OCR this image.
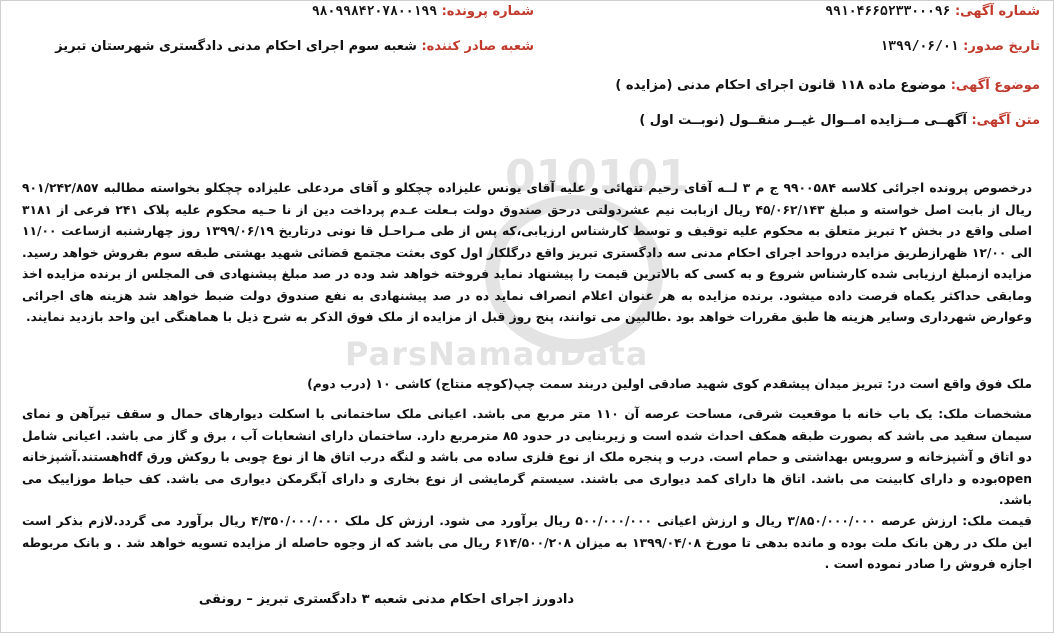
010101
ParsNamadData
شماره آگهی: ۹۹۱۰۴۶۶۵۲۳۳۰۰۰۹۶
شماره پرونده: ۹۸۰۹۹۸۴۲۰۷۸۰۰۱۹۹
تاریخ صدور: ۱۳۹۹/۰۶/۰۱
شعبه صادر کننده: شعبه سوم اجرای احکام مدنی دادگستری شهرستان تبریز
موضوع آگهی: موضوع ماده ۱۱۸ قانون اجرای احکام مدنی (مزایده )
متن آگهی: آگهــی مــزایده امــوال غیــر منقــول (نوبــت اول )
درخصوص پرونده اجرائی کلاسه ۹۹۰۰۵۸۴ ج م ۳ لــه آقای رحیم تنهائی و علیه آقای یونس علیزاده چچکلو و آقای مردعلی علیزاده چچکلو بخواسته مطالبه ۹۰۱/۲۴۲/۸۵۷ ریال از بابت اصل خواسته و مبلغ ۴۵/۰۶۲/۱۴۳ ریال ازبابت نیم عشردولتی درحق صندوق دولت بـعلت عـدم پرداخت دین از نا حـیه محکوم علیه پلاک ۲۴۱ فرعی از ۳۱۸۱ اصلی واقع در بخش ۲ تبریز متعلق به محکوم علیه توقیف و توسط کارشناس ارزیابی،که پس از طی مـراحـل قا نونی درتاریخ ۱۳۹۹/۰۶/۱۹ روز چهارشنبه ازساعت ۱۱/۰۰ الی ۱۲/۰۰ ظهرازطریق مزایده درواحد اجرای احکام مدنی سه دادگستری تبریز واقع درگلکار اول کوی بعثت مجتمع قضائی شهید بهشتی طبقه سوم بفروش خواهد رسید. مزایده ازمبلغ ارزیابی شده کارشناس شروع و به کسی که بالاترین قیمت را پیشنهاد نماید فروخته خواهد شد وده در صد مبلغ پیشنهادی فی المجلس از برنده مزایده اخذ ومابقی حداکثر یکماه فرصت داده میشود. برنده مزایده به هر عنوان اعلام انصراف نماید ده در صد پیشنهادی به نفع صندوق دولت ضبط خواهد شد هزینه های اجرائی وعوارض شهرداری وسایر هزینه ها طبق مقررات خواهد بود .طالبین می توانند، پنج روز قبل از مزایده از ملک فوق الذکر به شرح ذیل با هماهنگی این واحد بازدید نمایند.
ملک فوق واقع است در: تبریز میدان پیشقدم کوی شهید صادقی اولین دربند سمت چپ(کوچه منتاج) کاشی ۱۰ (درب دوم)
مشخصات ملک: یک باب خانه با موقعیت شرقی، مساحت عرصه آن ۱۱۰ متر مربع می باشد. اعیانی ملک ساختمانی با اسکلت دیوارهای حمال و سقف تیرآهن و نمای سیمان سفید می باشد که بصورت طبقه همکف احداث شده است و زیربنایی در حدود ۸۵ مترمربع دارد. ساختمان دارای انشعابات آب ، برق و گاز می باشد. اعیانی شامل دو اتاق و آشپزخانه و سرویس بهداشتی و حمام است. درب و پنجره ملک از نوع فلزی ساده می باشد و لنگه درب اتاق ها از نوع چوبی با روکش ورق hdfهستند.آشپزخانه openبوده و دارای کابینت می باشد. اتاق ها دارای کمد دیواری می باشند. سیستم گرمایشی از نوع بخاری و دارای آبگرمکن دیواری می باشد. کف حیاط موزاییک می باشد.
قیمت ملک: ارزش عرصه ۳/۸۵۰/۰۰۰/۰۰۰ ریال و ارزش اعیانی ۵۰۰/۰۰۰/۰۰۰ ریال برآورد می شود. ارزش کل ملک ۴/۳۵۰/۰۰۰/۰۰۰ ریال برآورد می گردد.لازم بذکر است این ملک در رهن بانک ملت بوده و مانده بدهی تا مورخ ۱۳۹۹/۰۴/۰۸ به میزان ۶۱۴/۵۰۰/۲۰۸ ریال می باشد که از وجوه حاصله از مزایده تسویه خواهد شد . و بانک مربوطه اجازه فروش را صادر نموده است .
دادورز اجرای احکام مدنی شعبه ۳ دادگستری تبریز – رونقی
